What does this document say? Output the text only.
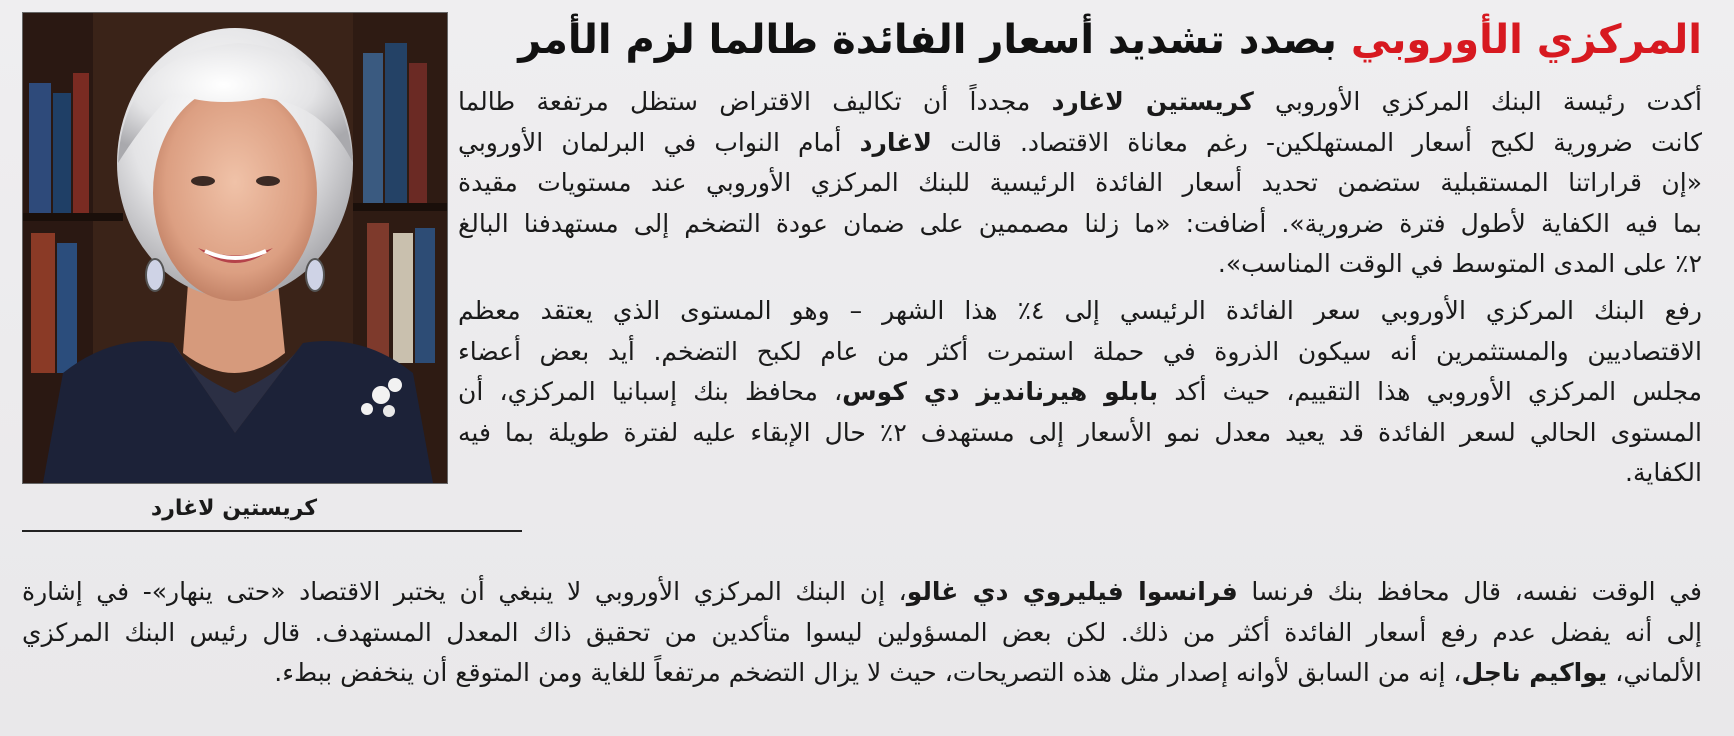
المركزي الأوروبي بصدد تشديد أسعار الفائدة طالما لزم الأمر
كريستين لاغارد
أكدت رئيسة البنك المركزي الأوروبي كريستين لاغارد مجدداً أن تكاليف الاقتراض ستظل مرتفعة طالما
كانت ضرورية لكبح أسعار المستهلكين- رغم معاناة الاقتصاد. قالت لاغارد أمام النواب في البرلمان الأوروبي
«إن قراراتنا المستقبلية ستضمن تحديد أسعار الفائدة الرئيسية للبنك المركزي الأوروبي عند مستويات مقيدة
بما فيه الكفاية لأطول فترة ضرورية». أضافت: «ما زلنا مصممين على ضمان عودة التضخم إلى مستهدفنا البالغ
٢٪ على المدى المتوسط في الوقت المناسب».
رفع البنك المركزي الأوروبي سعر الفائدة الرئيسي إلى ٤٪ هذا الشهر – وهو المستوى الذي يعتقد معظم
الاقتصاديين والمستثمرين أنه سيكون الذروة في حملة استمرت أكثر من عام لكبح التضخم. أيد بعض أعضاء
مجلس المركزي الأوروبي هذا التقييم، حيث أكد بابلو هيرنانديز دي كوس، محافظ بنك إسبانيا المركزي، أن
المستوى الحالي لسعر الفائدة قد يعيد معدل نمو الأسعار إلى مستهدف ٢٪ حال الإبقاء عليه لفترة طويلة بما فيه
الكفاية.
في الوقت نفسه، قال محافظ بنك فرنسا فرانسوا فيليروي دي غالو، إن البنك المركزي الأوروبي لا ينبغي أن يختبر الاقتصاد «حتى ينهار»- في إشارة
إلى أنه يفضل عدم رفع أسعار الفائدة أكثر من ذلك. لكن بعض المسؤولين ليسوا متأكدين من تحقيق ذاك المعدل المستهدف. قال رئيس البنك المركزي
الألماني، يواكيم ناجل، إنه من السابق لأوانه إصدار مثل هذه التصريحات، حيث لا يزال التضخم مرتفعاً للغاية ومن المتوقع أن ينخفض ببطء.
